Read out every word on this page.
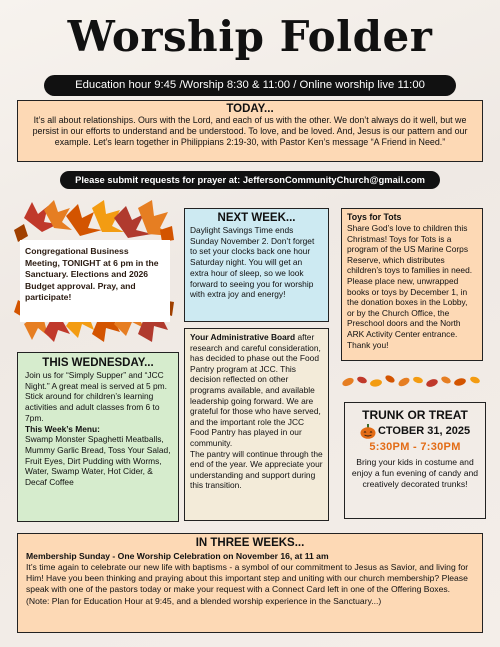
Worship Folder
Education hour 9:45 /Worship 8:30 & 11:00 / Online worship live 11:00
TODAY...

It’s all about relationships. Ours with the Lord, and each of us with the other. We don’t always do it well, but we persist in our efforts to understand and be understood. To love, and be loved. And, Jesus is our pattern and our example. Let’s learn together in Philippians 2:19-30, with Pastor Ken’s message “A Friend in Need.”

Please submit requests for prayer at: JeffersonCommunityChurch@gmail.com
Congregational Business Meeting, TONIGHT at 6 pm in the Sanctuary. Elections and 2026 Budget approval. Pray, and participate!
NEXT WEEK...

Daylight Savings Time ends Sunday November 2. Don’t forget to set your clocks back one hour Saturday night. You will get an extra hour of sleep, so we look forward to seeing you for worship with extra joy and energy!

Toys for Tots

Share God’s love to children this Christmas! Toys for Tots is a program of the US Marine Corps Reserve, which distributes children’s toys to families in need. Please place new, unwrapped books or toys by December 1, in the donation boxes in the Lobby, or by the Church Office, the Preschool doors and the North ARK Activity Center entrance. Thank you!

Your Administrative Board after research and careful consideration, has decided to phase out the Food Pantry program at JCC. This decision reflected on other programs available, and available leadership going forward. We are grateful for those who have served, and the important role the JCC Food Pantry has played in our community.

The pantry will continue through the end of the year. We appreciate your understanding and support during this transition.

THIS WEDNESDAY...

Join us for “Simply Supper” and “JCC Night.” A great meal is served at 5 pm. Stick around for children’s learning activities and adult classes from 6 to 7pm.

This Week’s Menu:

Swamp Monster Spaghetti Meatballs, Mummy Garlic Bread, Toss Your Salad, Fruit Eyes, Dirt Pudding with Worms, Water, Swamp Water, Hot Cider, & Decaf Coffee

TRUNK OR TREAT
CTOBER 31, 2025
5:30PM - 7:30PM

Bring your kids in costume and enjoy a fun evening of candy and creatively decorated trunks!

IN THREE WEEKS...
Membership Sunday - One Worship Celebration on November 16, at 11 am

It’s time again to celebrate our new life with baptisms - a symbol of our commitment to Jesus as Savior, and living for Him! Have you been thinking and praying about this important step and uniting with our church membership? Please speak with one of the pastors today or make your request with a Connect Card left in one of the Offering Boxes. (Note: Plan for Education Hour at 9:45, and a blended worship experience in the Sanctuary...)
